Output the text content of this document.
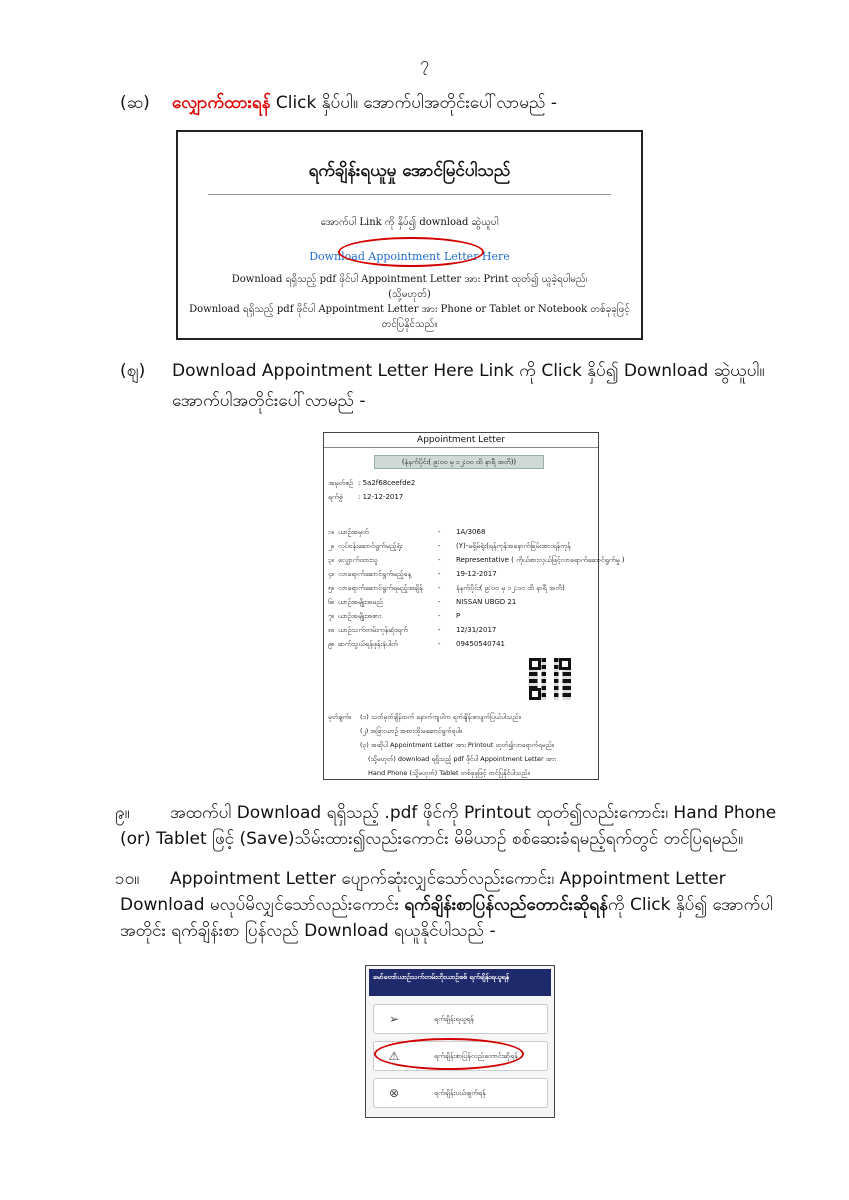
၇
(ဆ) လျှောက်ထားရန် Click နှိပ်ပါ။ အောက်ပါအတိုင်းပေါ်လာမည် -
ရက်ချိန်းရယူမှု အောင်မြင်ပါသည်
အောက်ပါ Link ကို နှိပ်၍ download ဆွဲယူပါ
Download Appointment Letter Here
Download ရရှိသည့် pdf ဖိုင်ပါ Appointment Letter အား Print ထုတ်၍ ယူခဲ့ရပါမည်၊
(သို့မဟုတ်)
Download ရရှိသည့် pdf ဖိုင်ပါ Appointment Letter အား Phone or Tablet or Notebook တစ်ခုခုဖြင့် တင်ပြနိုင်သည်။
(ဈ) Download Appointment Letter Here Link ကို Click နှိပ်၍ Download ဆွဲယူပါ။
အောက်ပါအတိုင်းပေါ်လာမည် -
Appointment Letter
(နံနက်ပိုင်း( ၉:၀၀ မှ ၁၂:၀၀ ထိ နာရီ အတိ))
အမှတ်စဉ် : 5a2f68ceefde2
ရက်စွဲ : 12-12-2017
၁။ ယာဉ်အမှတ်	- 1A/3068
၂။ လုပ်ငန်းဆောင်ရွက်မည့်ရုံး	- (Y)-မရှိမ်ရုံး(ရန်ကုန်အနောက်ခြမ်းအားရန်ကုန်
၃။ လျှောက်ထားသူ	- Representative ( ကိုယ်စားလှယ်ဖြင့်လာရောက်ဆောင်ရွက်မှု )
၄။ လာရောက်ဆောင်ရွက်မည့်နေ့	- 19-12-2017
၅။ လာရောက်ဆောင်ရွက်ရမည့်အချိန် - နံနက်ပိုင်း( ၉:၀၀ မှ ၁၂:၀၀ ထိ နာရီ အတိ)
၆။ ယာဉ်အမျိုးအမည်	- NISSAN UBGD 21
၇။ ယာဉ်အမျိုးအစား	- P
၈။ ယာဉ်သက်တမ်းကုန်ဆုံးရက်	- 12/31/2017
၉။ ဆက်သွယ်ရန်ဖုန်းနံပါတ်	- 09450540741
မှတ်ချက်။ (၁) သတ်မှတ်ချိန်ထက် နောက်ကျပါက ရက်ချိန်းစာပျက်ပြယ်ပါသည်။
(၂) အခြားယာဉ် အစားထိုးမဆောင်ရွက်ရပါ။
(၃) အဆိုပါ Appointment Letter အား Printout ထုတ်၍လာရောက်ရမည်။
(သို့မဟုတ်) download ရရှိသည့် pdf ဖိုင်ပါ Appointment Letter အား
Hand Phone (သို့မဟုတ်) Tablet တစ်ခုခုဖြင့် တင်ပြနိုင်ပါသည်။
၉။ အထက်ပါ Download ရရှိသည့် .pdf ဖိုင်ကို Printout ထုတ်၍လည်းကောင်း၊ Hand Phone (or) Tablet ဖြင့် (Save)သိမ်းထား၍လည်းကောင်း မိမိယာဉ် စစ်ဆေးခံရမည့်ရက်တွင် တင်ပြရမည်။
၁၀။ Appointment Letter ပျောက်ဆုံးလျှင်သော်လည်းကောင်း၊ Appointment Letter Download မလုပ်မိလျှင်သော်လည်းကောင်း ရက်ချိန်းစာပြန်လည်တောင်းဆိုရန်ကို Click နှိပ်၍ အောက်ပါအတိုင်း ရက်ချိန်းစာ ပြန်လည် Download ရယူနိုင်ပါသည် -
မော်တော်ယာဉ်သက်တမ်းတိုးယာဉ်စစ် ရက်ချိန်းရယူရန်
➢	ရက်ချိန်းရယူရန်
⚠	ရက်ချိန်းစာပြန်လည်တောင်းဆိုရန်
⊗	ရက်ချိန်းပယ်ဖျက်ရန်
